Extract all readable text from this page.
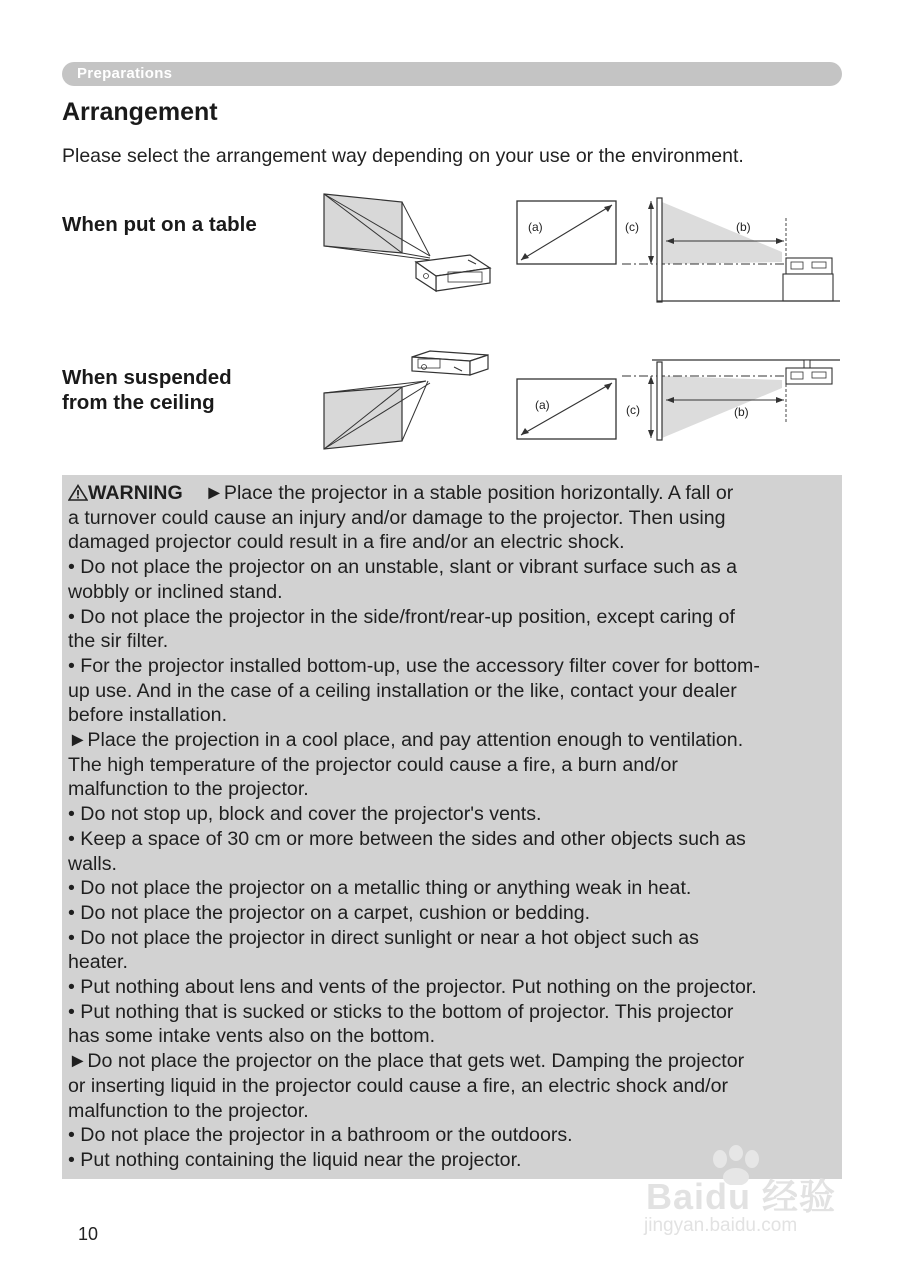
Preparations
Arrangement

Please select the arrangement way depending on your use or the environment.

When put on a table
When suspended
from the ceiling
(a)	(c)	(b)
(a)	(c)	(b)
WARNING ►Place the projector in a stable position horizontally. A fall or
a turnover could cause an injury and/or damage to the projector. Then using
damaged projector could result in a fire and/or an electric shock.
• Do not place the projector on an unstable, slant or vibrant surface such as a
wobbly or inclined stand.
• Do not place the projector in the side/front/rear-up position, except caring of
the sir filter.
• For the projector installed bottom-up, use the accessory filter cover for bottom-
up use. And in the case of a ceiling installation or the like, contact your dealer
before installation.
►Place the projection in a cool place, and pay attention enough to ventilation.
The high temperature of the projector could cause a fire, a burn and/or
malfunction to the projector.
• Do not stop up, block and cover the projector's vents.
• Keep a space of 30 cm or more between the sides and other objects such as
walls.
• Do not place the projector on a metallic thing or anything weak in heat.
• Do not place the projector on a carpet, cushion or bedding.
• Do not place the projector in direct sunlight or near a hot object such as
heater.
• Put nothing about lens and vents of the projector. Put nothing on the projector.
• Put nothing that is sucked or sticks to the bottom of projector. This projector
has some intake vents also on the bottom.
►Do not place the projector on the place that gets wet. Damping the projector
or inserting liquid in the projector could cause a fire, an electric shock and/or
malfunction to the projector.
• Do not place the projector in a bathroom or the outdoors.
• Put nothing containing the liquid near the projector.
10
Baidu 经验
jingyan.baidu.com
